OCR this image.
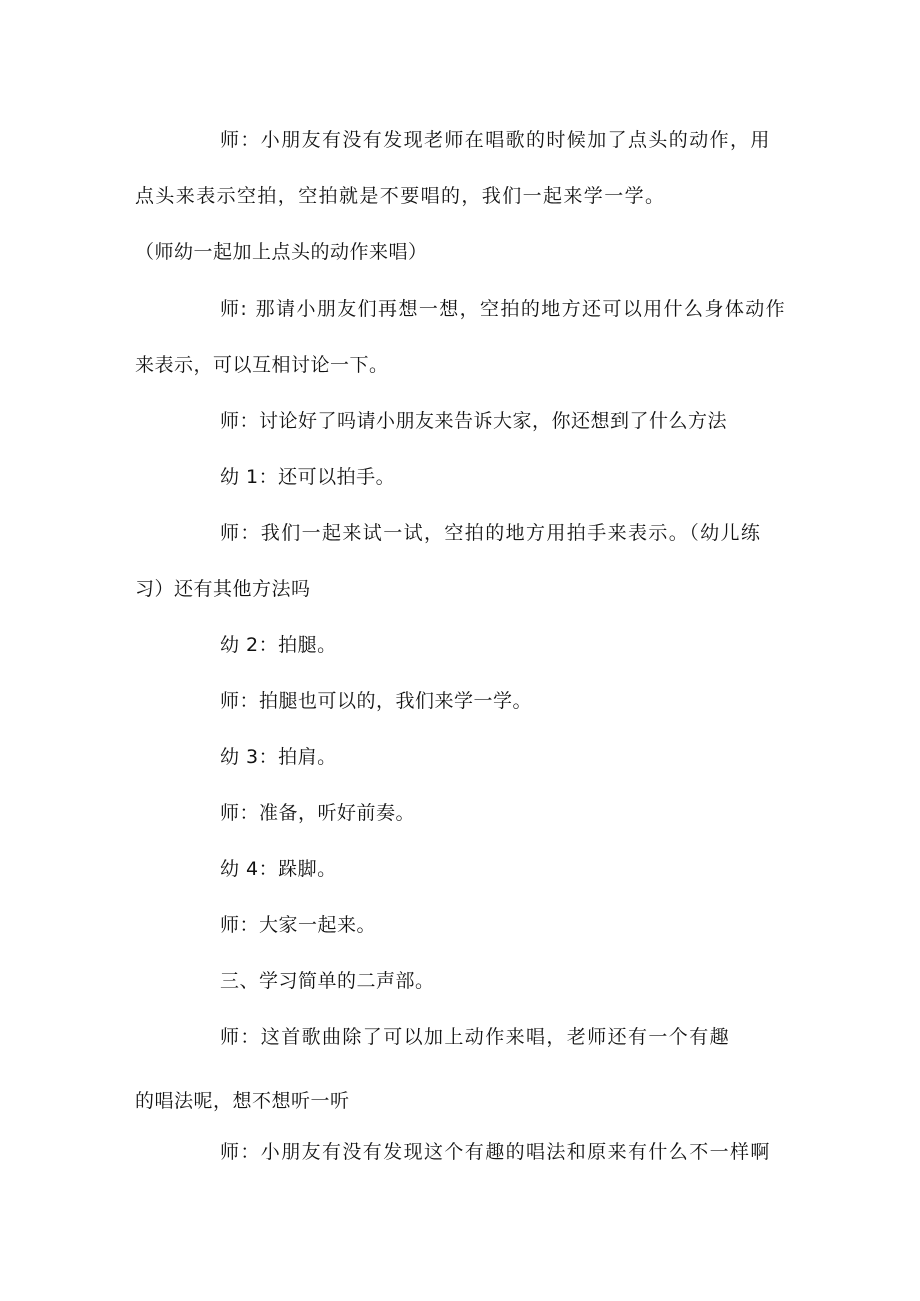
师：小朋友有没有发现老师在唱歌的时候加了点头的动作，用
点头来表示空拍，空拍就是不要唱的，我们一起来学一学。
（师幼一起加上点头的动作来唱）
师: 那请小朋友们再想一想，空拍的地方还可以用什么身体动作
来表示，可以互相讨论一下。
师：讨论好了吗请小朋友来告诉大家，你还想到了什么方法
幼 1：还可以拍手。
师：我们一起来试一试，空拍的地方用拍手来表示。（幼儿练
习）还有其他方法吗
幼 2：拍腿。
师：拍腿也可以的，我们来学一学。
幼 3：拍肩。
师：准备，听好前奏。
幼 4：跺脚。
师：大家一起来。
三、学习简单的二声部。
师：这首歌曲除了可以加上动作来唱，老师还有一个有趣
的唱法呢，想不想听一听
师：小朋友有没有发现这个有趣的唱法和原来有什么不一样啊
